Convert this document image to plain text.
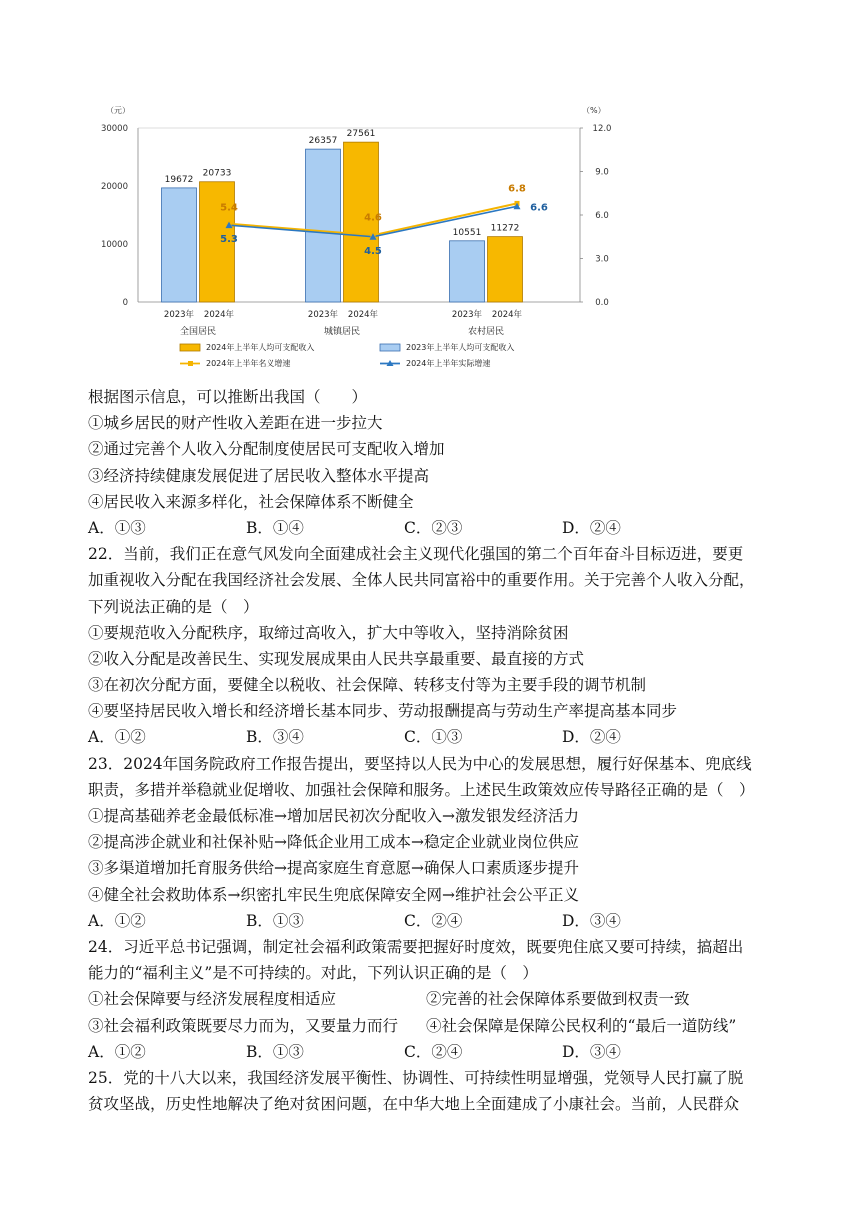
（元）	（%）
0
10000
20000
30000
0.0
3.0
6.0
9.0
12.0
19672
20733
26357
27561
10551 11272
5.4
4.6
6.8
5.3
4.5
6.6
2023年 2024年
全国居民
2023年 2024年
城镇居民
2023年 2024年
农村居民
2024年上半年人均可支配收入	2023年上半年人均可支配收入
2024年上半年名义增速	2024年上半年实际增速
根据图示信息，可以推断出我国（　　）
①城乡居民的财产性收入差距在进一步拉大
②通过完善个人收入分配制度使居民可支配收入增加
③经济持续健康发展促进了居民收入整体水平提高
④居民收入来源多样化，社会保障体系不断健全
A．①③	B．①④	C．②③	D．②④
22．当前，我们正在意气风发向全面建成社会主义现代化强国的第二个百年奋斗目标迈进，要更
加重视收入分配在我国经济社会发展、全体人民共同富裕中的重要作用。关于完善个人收入分配，
下列说法正确的是（　）
①要规范收入分配秩序，取缔过高收入，扩大中等收入，坚持消除贫困
②收入分配是改善民生、实现发展成果由人民共享最重要、最直接的方式
③在初次分配方面，要健全以税收、社会保障、转移支付等为主要手段的调节机制
④要坚持居民收入增长和经济增长基本同步、劳动报酬提高与劳动生产率提高基本同步
A．①②	B．③④	C．①③	D．②④
23．2024年国务院政府工作报告提出，要坚持以人民为中心的发展思想，履行好保基本、兜底线
职责，多措并举稳就业促增收、加强社会保障和服务。上述民生政策效应传导路径正确的是（　）
①提高基础养老金最低标准→增加居民初次分配收入→激发银发经济活力
②提高涉企就业和社保补贴→降低企业用工成本→稳定企业就业岗位供应
③多渠道增加托育服务供给→提高家庭生育意愿→确保人口素质逐步提升
④健全社会救助体系→织密扎牢民生兜底保障安全网→维护社会公平正义
A．①②	B．①③	C．②④	D．③④
24．习近平总书记强调，制定社会福利政策需要把握好时度效，既要兜住底又要可持续，搞超出
能力的“福利主义”是不可持续的。对此，下列认识正确的是（　）
①社会保障要与经济发展程度相适应	②完善的社会保障体系要做到权责一致
③社会福利政策既要尽力而为，又要量力而行	④社会保障是保障公民权利的“最后一道防线”
A．①②	B．①③	C．②④	D．③④
25．党的十八大以来，我国经济发展平衡性、协调性、可持续性明显增强，党领导人民打赢了脱
贫攻坚战，历史性地解决了绝对贫困问题，在中华大地上全面建成了小康社会。当前，人民群众
